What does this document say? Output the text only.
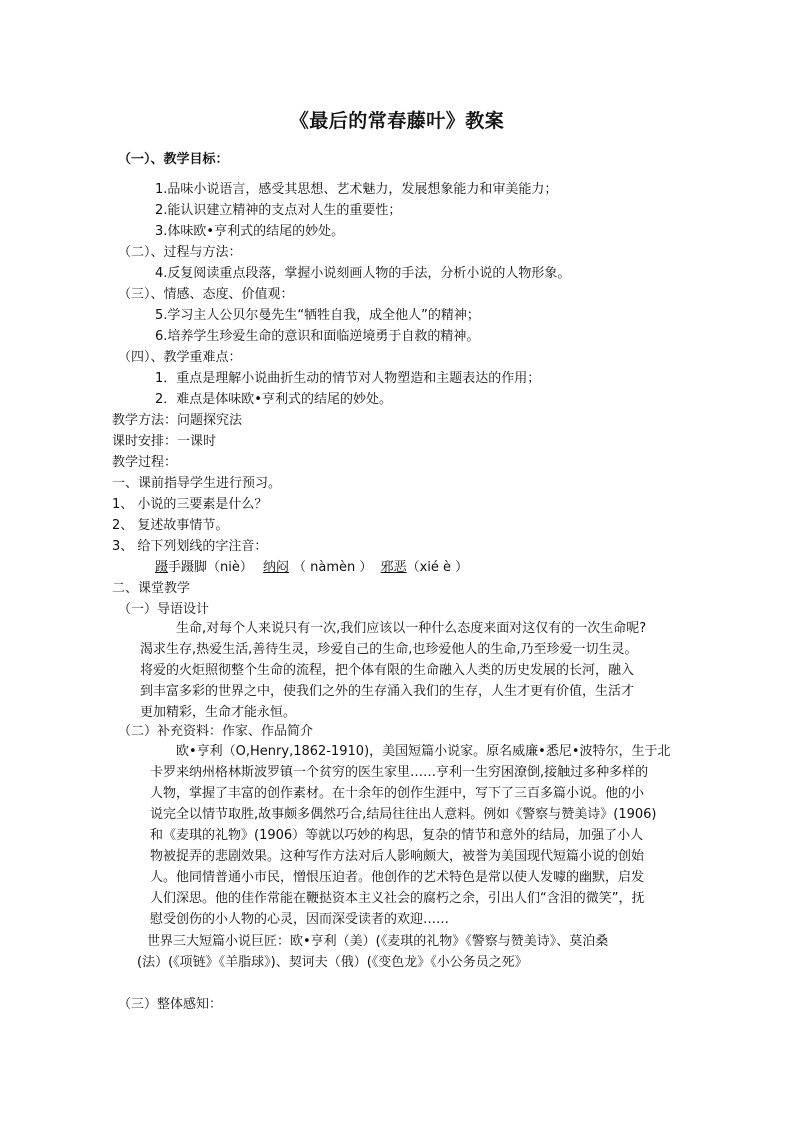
《最后的常春藤叶》教案
（一）、教学目标：
1.品味小说语言，感受其思想、艺术魅力，发展想象能力和审美能力；
2.能认识建立精神的支点对人生的重要性；
3.体味欧•亨利式的结尾的妙处。
（二）、过程与方法：
4.反复阅读重点段落，掌握小说刻画人物的手法，分析小说的人物形象。
（三）、情感、态度、价值观：
5.学习主人公贝尔曼先生“牺牲自我，成全他人”的精神；
6.培养学生珍爱生命的意识和面临逆境勇于自救的精神。
（四）、教学重难点：
1．重点是理解小说曲折生动的情节对人物塑造和主题表达的作用；
2．难点是体味欧•亨利式的结尾的妙处。
教学方法：问题探究法
课时安排：一课时
教学过程：
一、课前指导学生进行预习。
1、 小说的三要素是什么？
2、 复述故事情节。
3、 给下列划线的字注音：
蹑手蹑脚（niè） 纳闷 （ nàmèn ） 邪恶（xié è ）
二、课堂教学
（一）导语设计

生命,对每个人来说只有一次,我们应该以一种什么态度来面对这仅有的一次生命呢?

渴求生存,热爱生活,善待生灵，珍爱自己的生命,也珍爱他人的生命,乃至珍爱一切生灵。

将爱的火炬照彻整个生命的流程，把个体有限的生命融入人类的历史发展的长河，融入

到丰富多彩的世界之中，使我们之外的生存涌入我们的生存，人生才更有价值，生活才

更加精彩，生命才能永恒。

（二）补充资料：作家、作品简介

欧•亨利（O,Henry,1862-1910)，美国短篇小说家。原名威廉•悉尼•波特尔，生于北

卡罗来纳州格林斯波罗镇一个贫穷的医生家里……亨利一生穷困潦倒,接触过多种多样的

人物，掌握了丰富的创作素材。在十余年的创作生涯中，写下了三百多篇小说。他的小

说完全以情节取胜,故事颇多偶然巧合,结局往往出人意料。例如《警察与赞美诗》(1906)

和《麦琪的礼物》(1906）等就以巧妙的构思，复杂的情节和意外的结局，加强了小人

物被捉弄的悲剧效果。这种写作方法对后人影响颇大，被誉为美国现代短篇小说的创始

人。他同情普通小市民，憎恨压迫者。他创作的艺术特色是常以使人发噱的幽默，启发

人们深思。他的佳作常能在鞭挞资本主义社会的腐朽之余，引出人们“含泪的微笑”，抚

慰受创伤的小人物的心灵，因而深受读者的欢迎……

世界三大短篇小说巨匠：欧•亨利（美）(《麦琪的礼物》《警察与赞美诗》、莫泊桑

(法）(《项链》《羊脂球》)、契诃夫（俄）(《变色龙》《小公务员之死》

（三）整体感知：
